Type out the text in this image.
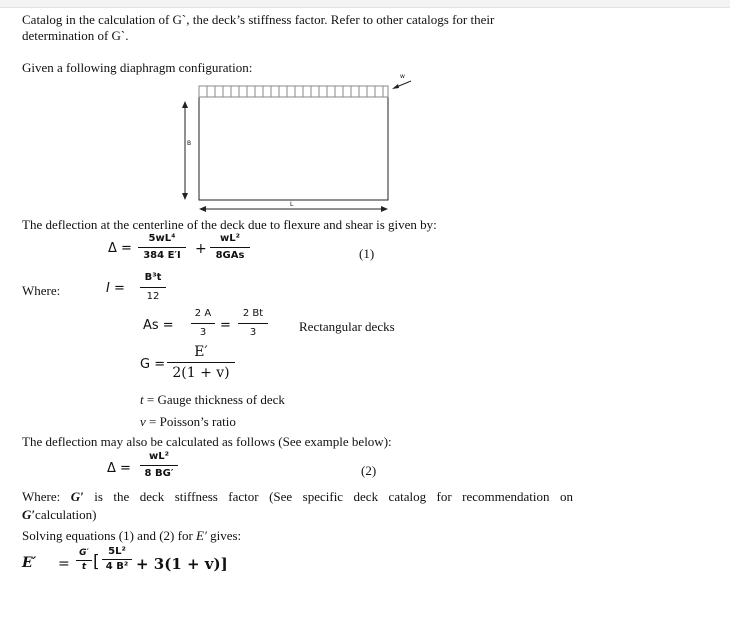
Catalog in the calculation of G`, the deck’s stiffness factor. Refer to other catalogs for their
determination of G`.
Given a following diaphragm configuration:
w
B
L
The deflection at the centerline of the deck due to flexure and shear is given by:
Δ =
5wL⁴
384 E′I	+
wL²
8GAs	(1)
Where:	I =
B³t
12
As =
2 A
3	=
2 Bt
3	Rectangular decks
G =
E′
2(1 + v)
t = Gauge thickness of deck
v = Poisson’s ratio
The deflection may also be calculated as follows (See example below):
Δ =
wL²
8 BG′	(2)
Where: G′ is the deck stiffness factor (See specific deck catalog for recommendation on
G′calculation)
Solving equations (1) and (2) for E′ gives:
E′ =
G′
t [
5L²
4 B² + 3(1 + v)]
